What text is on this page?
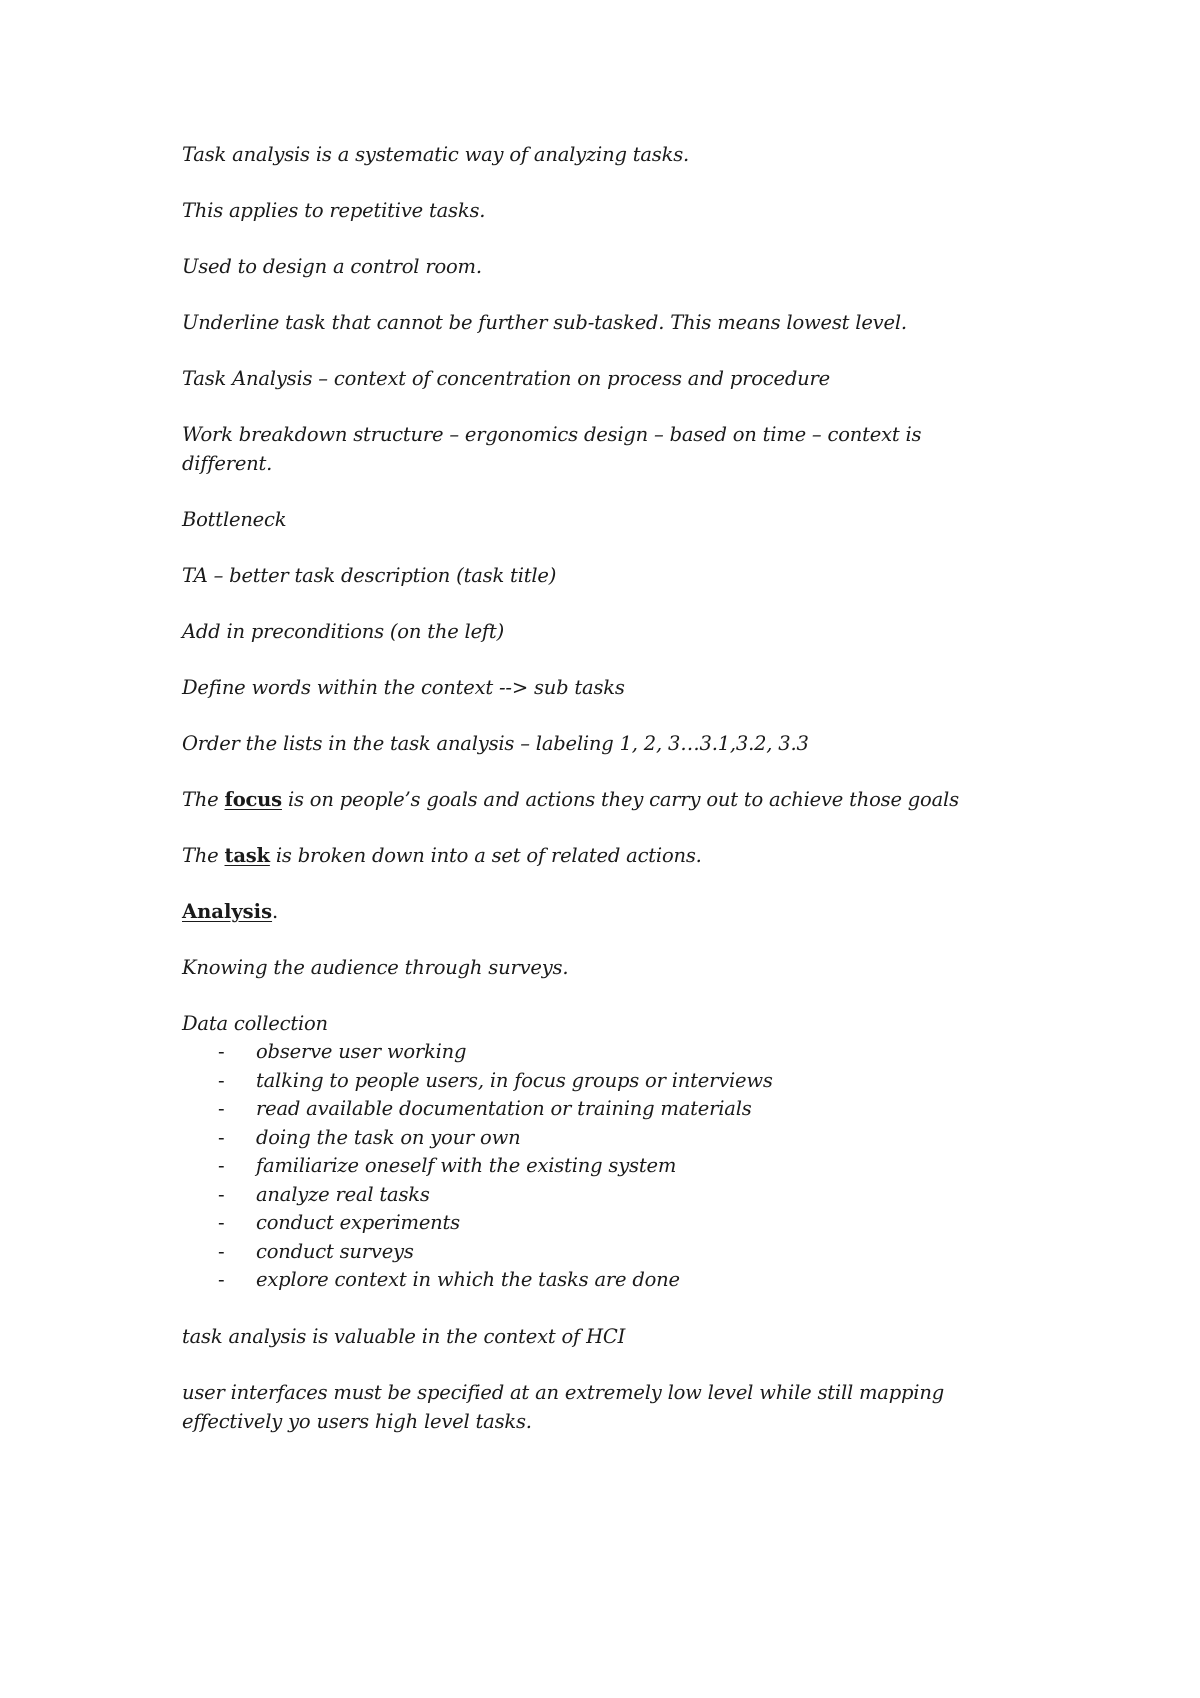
Task analysis is a systematic way of analyzing tasks.

This applies to repetitive tasks.

Used to design a control room.

Underline task that cannot be further sub-tasked. This means lowest level.

Task Analysis – context of concentration on process and procedure

Work breakdown structure – ergonomics design – based on time – context is different.

Bottleneck

TA – better task description (task title)

Add in preconditions (on the left)

Define words within the context --> sub tasks

Order the lists in the task analysis – labeling 1, 2, 3…3.1,3.2, 3.3

The focus is on people’s goals and actions they carry out to achieve those goals

The task is broken down into a set of related actions.

Analysis.

Knowing the audience through surveys.

Data collection

- observe user working
- talking to people users, in focus groups or interviews
- read available documentation or training materials
- doing the task on your own
- familiarize oneself with the existing system
- analyze real tasks
- conduct experiments
- conduct surveys
- explore context in which the tasks are done

task analysis is valuable in the context of HCI

user interfaces must be specified at an extremely low level while still mapping effectively yo users high level tasks.
